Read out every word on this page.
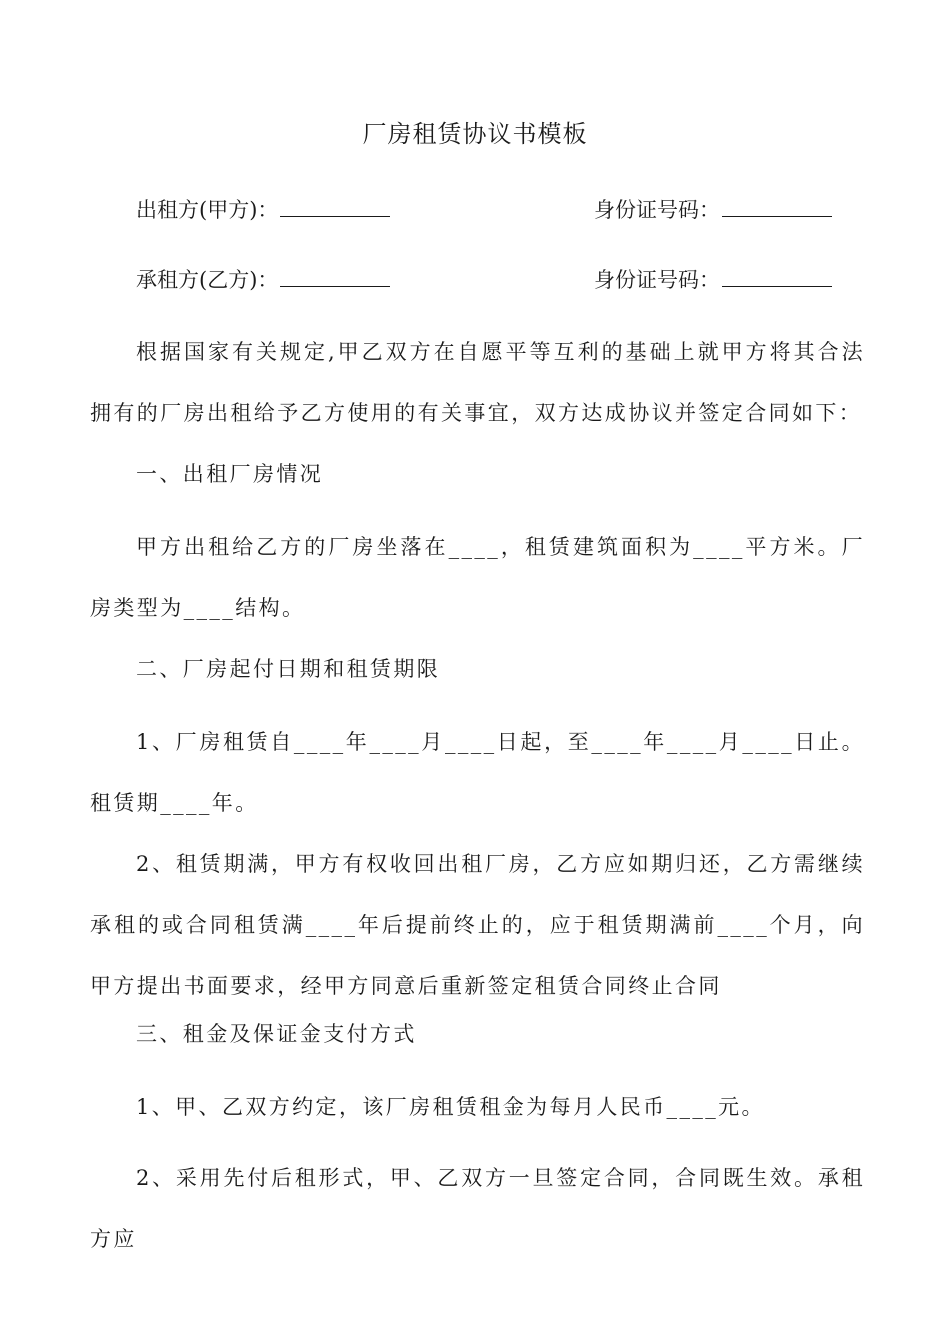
厂房租赁协议书模板
出租方(甲方)：	身份证号码：
承租方(乙方)：	身份证号码：

根据国家有关规定,甲乙双方在自愿平等互利的基础上就甲方将其合法拥有的厂房出租给予乙方使用的有关事宜，双方达成协议并签定合同如下：

一、出租厂房情况

甲方出租给乙方的厂房坐落在____，租赁建筑面积为____平方米。厂房类型为____结构。

二、厂房起付日期和租赁期限

1、厂房租赁自____年____月____日起，至____年____月____日止。租赁期____年。

2、租赁期满，甲方有权收回出租厂房，乙方应如期归还，乙方需继续承租的或合同租赁满____年后提前终止的，应于租赁期满前____个月，向甲方提出书面要求，经甲方同意后重新签定租赁合同终止合同

三、租金及保证金支付方式

1、甲、乙双方约定，该厂房租赁租金为每月人民币____元。

2、采用先付后租形式，甲、乙双方一旦签定合同，合同既生效。承租方应
